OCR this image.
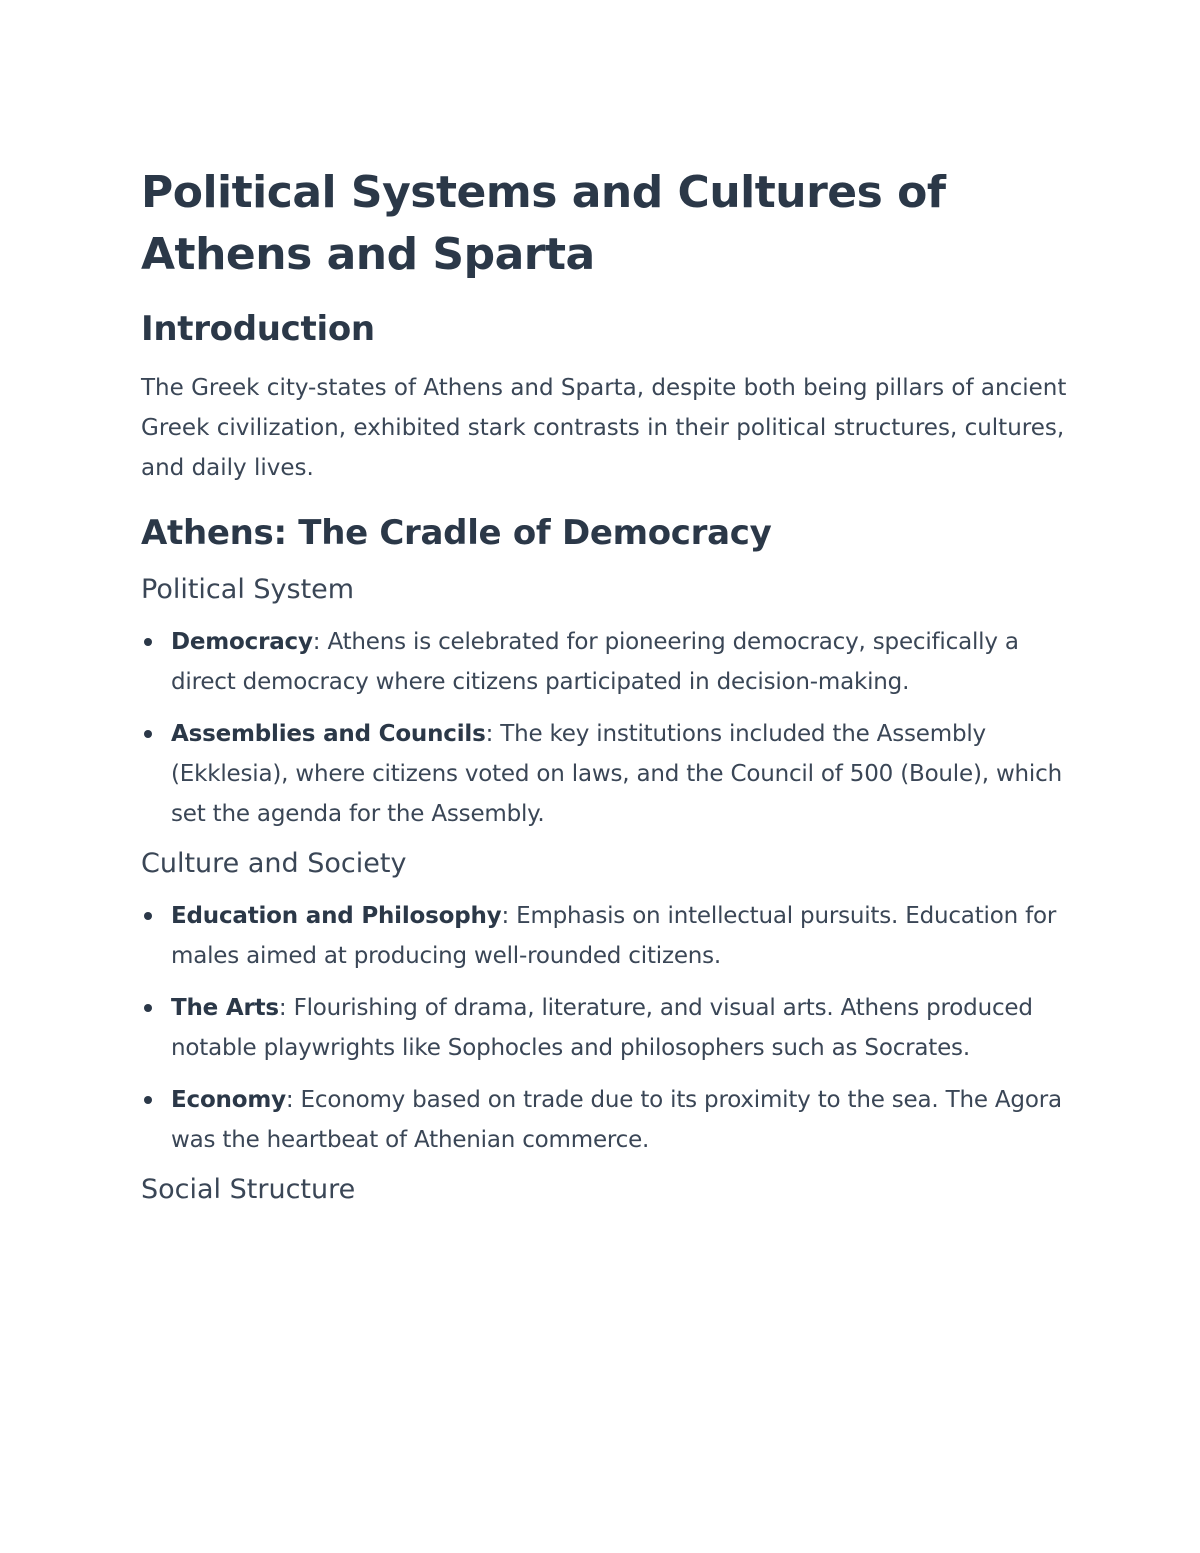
Political Systems and Cultures of
Athens and Sparta
Introduction

The Greek city-states of Athens and Sparta, despite both being pillars of ancient Greek civilization, exhibited stark contrasts in their political structures, cultures, and daily lives.

Athens: The Cradle of Democracy
Political System
Democracy: Athens is celebrated for pioneering democracy, specifically a direct democracy where citizens participated in decision-making.
Assemblies and Councils: The key institutions included the Assembly (Ekklesia), where citizens voted on laws, and the Council of 500 (Boule), which set the agenda for the Assembly.
Culture and Society
Education and Philosophy: Emphasis on intellectual pursuits. Education for males aimed at producing well-rounded citizens.
The Arts: Flourishing of drama, literature, and visual arts. Athens produced notable playwrights like Sophocles and philosophers such as Socrates.
Economy: Economy based on trade due to its proximity to the sea. The Agora was the heartbeat of Athenian commerce.
Social Structure
